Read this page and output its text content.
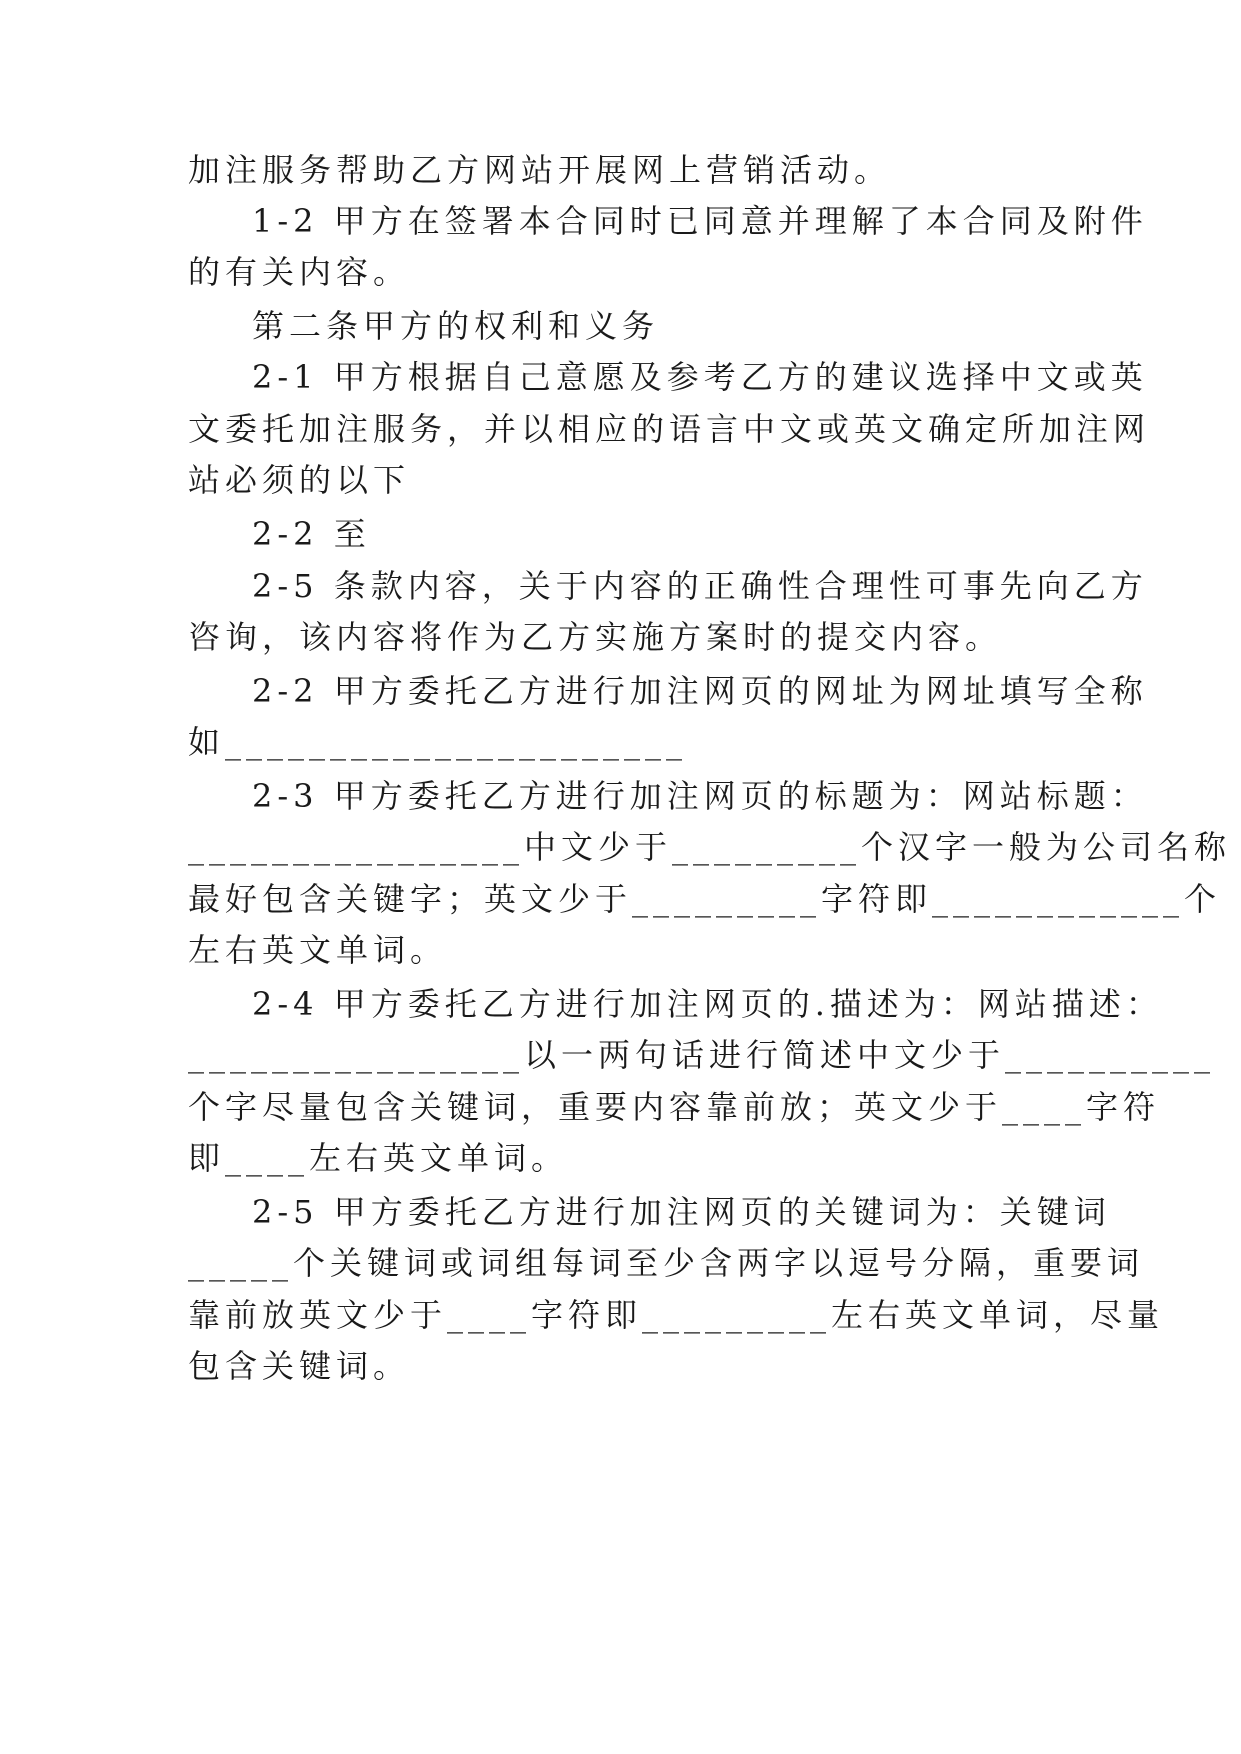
加注服务帮助乙方网站开展网上营销活动。
1-2 甲方在签署本合同时已同意并理解了本合同及附件
的有关内容。
第二条甲方的权利和义务
2-1 甲方根据自己意愿及参考乙方的建议选择中文或英
文委托加注服务，并以相应的语言中文或英文确定所加注网
站必须的以下
2-2 至
2-5 条款内容，关于内容的正确性合理性可事先向乙方
咨询，该内容将作为乙方实施方案时的提交内容。
2-2 甲方委托乙方进行加注网页的网址为网址填写全称
如______________________
2-3 甲方委托乙方进行加注网页的标题为：网站标题：
________________中文少于_________个汉字一般为公司名称
最好包含关键字；英文少于_________字符即____________个
左右英文单词。
2-4 甲方委托乙方进行加注网页的.描述为：网站描述：
________________以一两句话进行简述中文少于__________
个字尽量包含关键词，重要内容靠前放；英文少于____字符
即____左右英文单词。
2-5 甲方委托乙方进行加注网页的关键词为：关键词
_____个关键词或词组每词至少含两字以逗号分隔，重要词
靠前放英文少于____字符即_________左右英文单词，尽量
包含关键词。
